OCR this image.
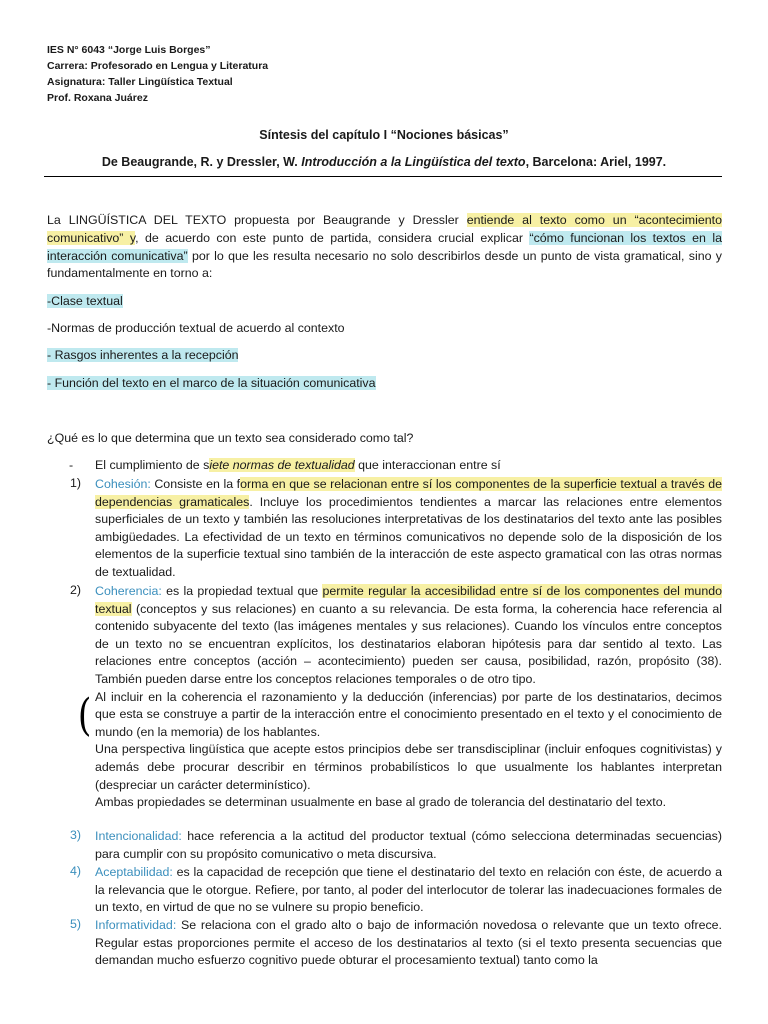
IES N° 6043 “Jorge Luis Borges”
Carrera: Profesorado en Lengua y Literatura
Asignatura: Taller Lingüística Textual
Prof. Roxana Juárez
Síntesis del capítulo I “Nociones básicas”
De Beaugrande, R. y Dressler, W. Introducción a la Lingüística del texto, Barcelona: Ariel, 1997.

La LINGÜÍSTICA DEL TEXTO propuesta por Beaugrande y Dressler entiende al texto como un “acontecimiento comunicativo” y, de acuerdo con este punto de partida, considera crucial explicar “cómo funcionan los textos en la interacción comunicativa” por lo que les resulta necesario no solo describirlos desde un punto de vista gramatical, sino y fundamentalmente en torno a:

-Clase textual
-Normas de producción textual de acuerdo al contexto
- Rasgos inherentes a la recepción
- Función del texto en el marco de la situación comunicativa
¿Qué es lo que determina que un texto sea considerado como tal?
- El cumplimiento de siete normas de textualidad que interaccionan entre sí
1) Cohesión: Consiste en la forma en que se relacionan entre sí los componentes de la superficie textual a través de dependencias gramaticales. Incluye los procedimientos tendientes a marcar las relaciones entre elementos superficiales de un texto y también las resoluciones interpretativas de los destinatarios del texto ante las posibles ambigüedades. La efectividad de un texto en términos comunicativos no depende solo de la disposición de los elementos de la superficie textual sino también de la interacción de este aspecto gramatical con las otras normas de textualidad.
2) Coherencia: es la propiedad textual que permite regular la accesibilidad entre sí de los componentes del mundo textual (conceptos y sus relaciones) en cuanto a su relevancia. De esta forma, la coherencia hace referencia al contenido subyacente del texto (las imágenes mentales y sus relaciones). Cuando los vínculos entre conceptos de un texto no se encuentran explícitos, los destinatarios elaboran hipótesis para dar sentido al texto. Las relaciones entre conceptos (acción – acontecimiento) pueden ser causa, posibilidad, razón, propósito (38). También pueden darse entre los conceptos relaciones temporales o de otro tipo.

Al incluir en la coherencia el razonamiento y la deducción (inferencias) por parte de los destinatarios, decimos que esta se construye a partir de la interacción entre el conocimiento presentado en el texto y el conocimiento de mundo (en la memoria) de los hablantes.

Una perspectiva lingüística que acepte estos principios debe ser transdisciplinar (incluir enfoques cognitivistas) y además debe procurar describir en términos probabilísticos lo que usualmente los hablantes interpretan (despreciar un carácter determinístico).

Ambas propiedades se determinan usualmente en base al grado de tolerancia del destinatario del texto.

(
3) Intencionalidad: hace referencia a la actitud del productor textual (cómo selecciona determinadas secuencias) para cumplir con su propósito comunicativo o meta discursiva.
4) Aceptabilidad: es la capacidad de recepción que tiene el destinatario del texto en relación con éste, de acuerdo a la relevancia que le otorgue. Refiere, por tanto, al poder del interlocutor de tolerar las inadecuaciones formales de un texto, en virtud de que no se vulnere su propio beneficio.
5) Informatividad: Se relaciona con el grado alto o bajo de información novedosa o relevante que un texto ofrece. Regular estas proporciones permite el acceso de los destinatarios al texto (si el texto presenta secuencias que demandan mucho esfuerzo cognitivo puede obturar el procesamiento textual) tanto como la
